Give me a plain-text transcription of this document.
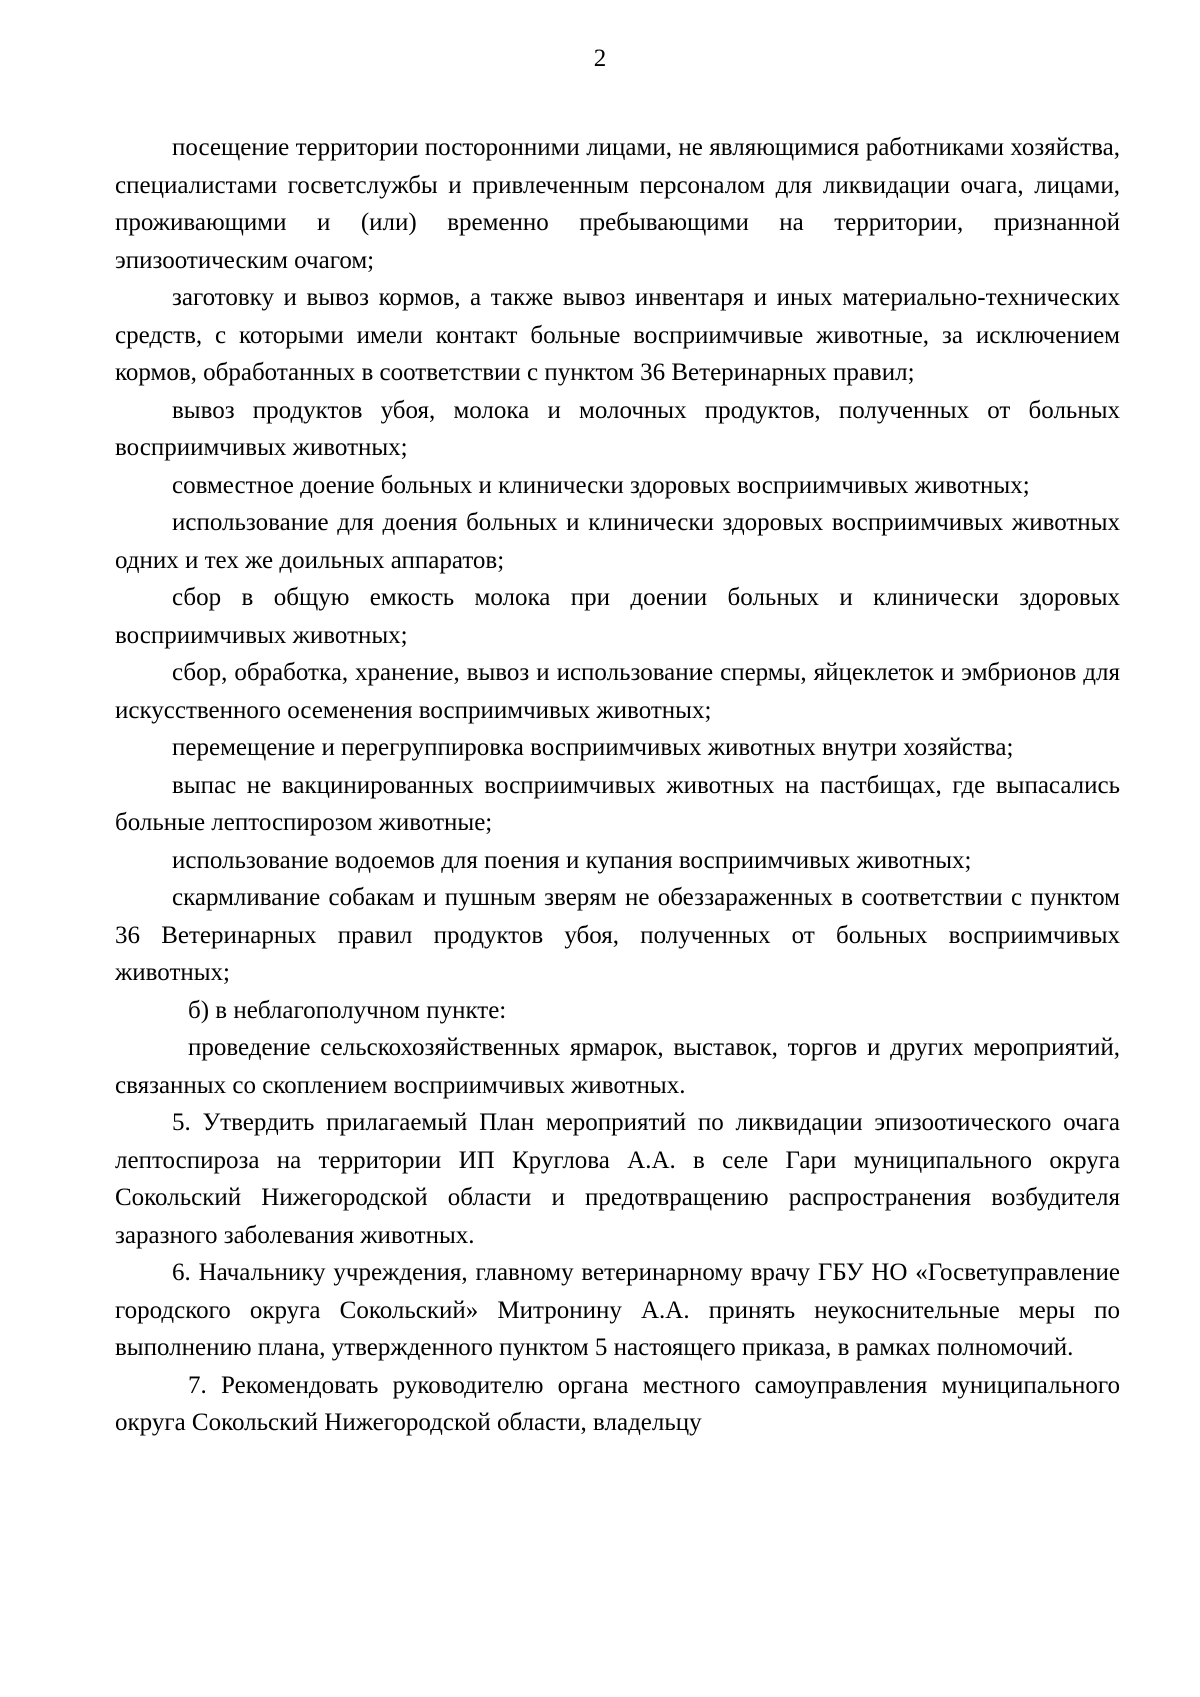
2

посещение территории посторонними лицами, не являющимися работниками хозяйства, специалистами госветслужбы и привлеченным персоналом для ликвидации очага, лицами, проживающими и (или) временно пребывающими на территории, признанной эпизоотическим очагом;

заготовку и вывоз кормов, а также вывоз инвентаря и иных материально-технических средств, с которыми имели контакт больные восприимчивые животные, за исключением кормов, обработанных в соответствии с пунктом 36 Ветеринарных правил;

вывоз продуктов убоя, молока и молочных продуктов, полученных от больных восприимчивых животных;

совместное доение больных и клинически здоровых восприимчивых животных;

использование для доения больных и клинически здоровых восприимчивых животных одних и тех же доильных аппаратов;

сбор в общую емкость молока при доении больных и клинически здоровых восприимчивых животных;

сбор, обработка, хранение, вывоз и использование спермы, яйцеклеток и эмбрионов для искусственного осеменения восприимчивых животных;

перемещение и перегруппировка восприимчивых животных внутри хозяйства;

выпас не вакцинированных восприимчивых животных на пастбищах, где выпасались больные лептоспирозом животные;

использование водоемов для поения и купания восприимчивых животных;

скармливание собакам и пушным зверям не обеззараженных в соответствии с пунктом 36 Ветеринарных правил продуктов убоя, полученных от больных восприимчивых животных;

б) в неблагополучном пункте:

проведение сельскохозяйственных ярмарок, выставок, торгов и других мероприятий, связанных со скоплением восприимчивых животных.

5. Утвердить прилагаемый План мероприятий по ликвидации эпизоотического очага лептоспироза на территории ИП Круглова А.А. в селе Гари муниципального округа Сокольский Нижегородской области и предотвращению распространения возбудителя заразного заболевания животных.

6. Начальнику учреждения, главному ветеринарному врачу ГБУ НО «Госветуправление городского округа Сокольский» Митронину А.А. принять неукоснительные меры по выполнению плана, утвержденного пунктом 5 настоящего приказа, в рамках полномочий.

7. Рекомендовать руководителю органа местного самоуправления муниципального округа Сокольский Нижегородской области, владельцу
